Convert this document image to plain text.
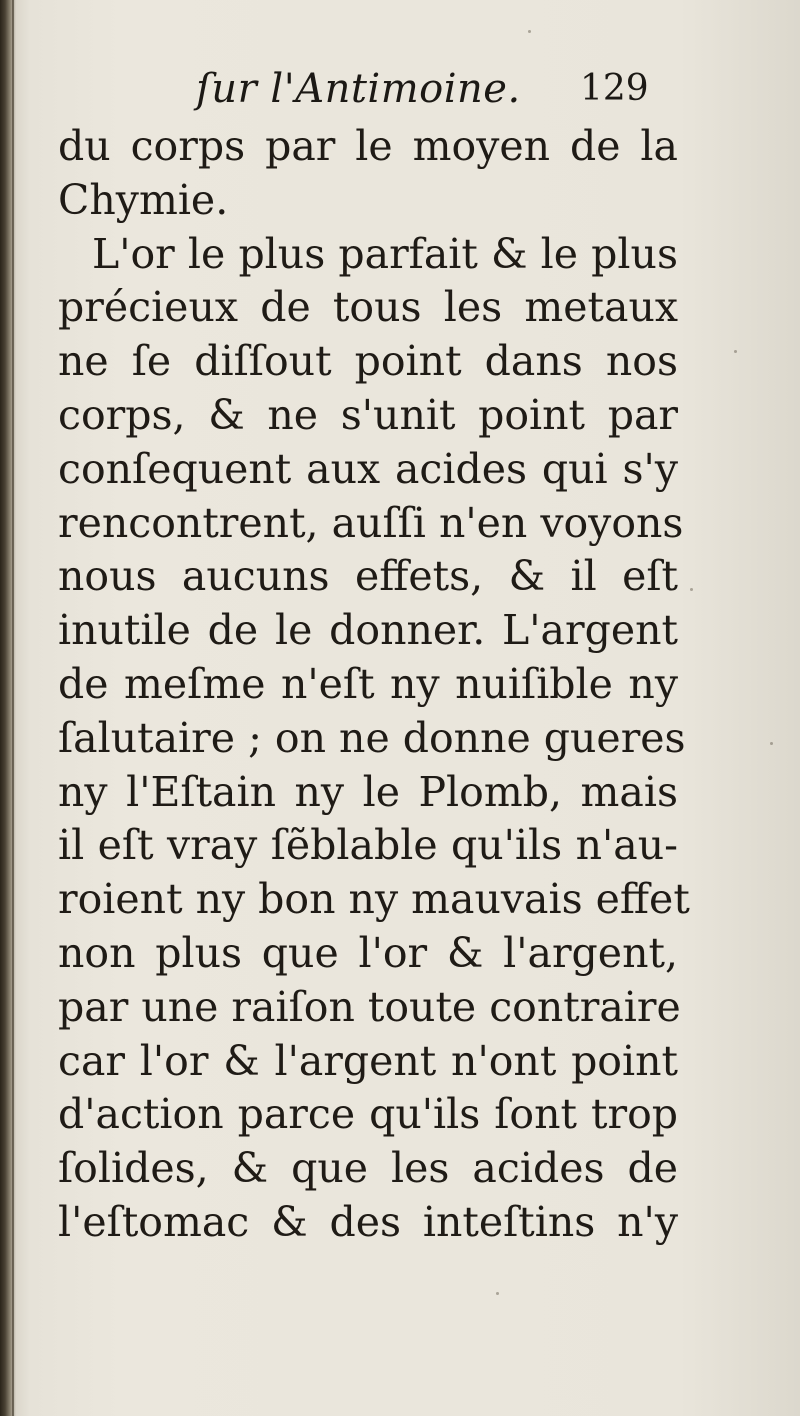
ſur l'Antimoine. 129
du corps par le moyen de la
Chymie.
L'or le plus parfait & le plus
précieux de tous les metaux
ne ſe diſſout point dans nos
corps, & ne s'unit point par
conſequent aux acides qui s'y
rencontrent, auſſi n'en voyons
nous aucuns effets, & il eſt
inutile de le donner. L'argent
de meſme n'eſt ny nuiſible ny
ſalutaire ; on ne donne gueres
ny l'Eſtain ny le Plomb, mais
il eſt vray ſẽblable qu'ils n'au-
roient ny bon ny mauvais effet
non plus que l'or & l'argent,
par une raiſon toute contraire
car l'or & l'argent n'ont point
d'action parce qu'ils ſont trop
ſolides, & que les acides de
l'eſtomac & des inteſtins n'y
